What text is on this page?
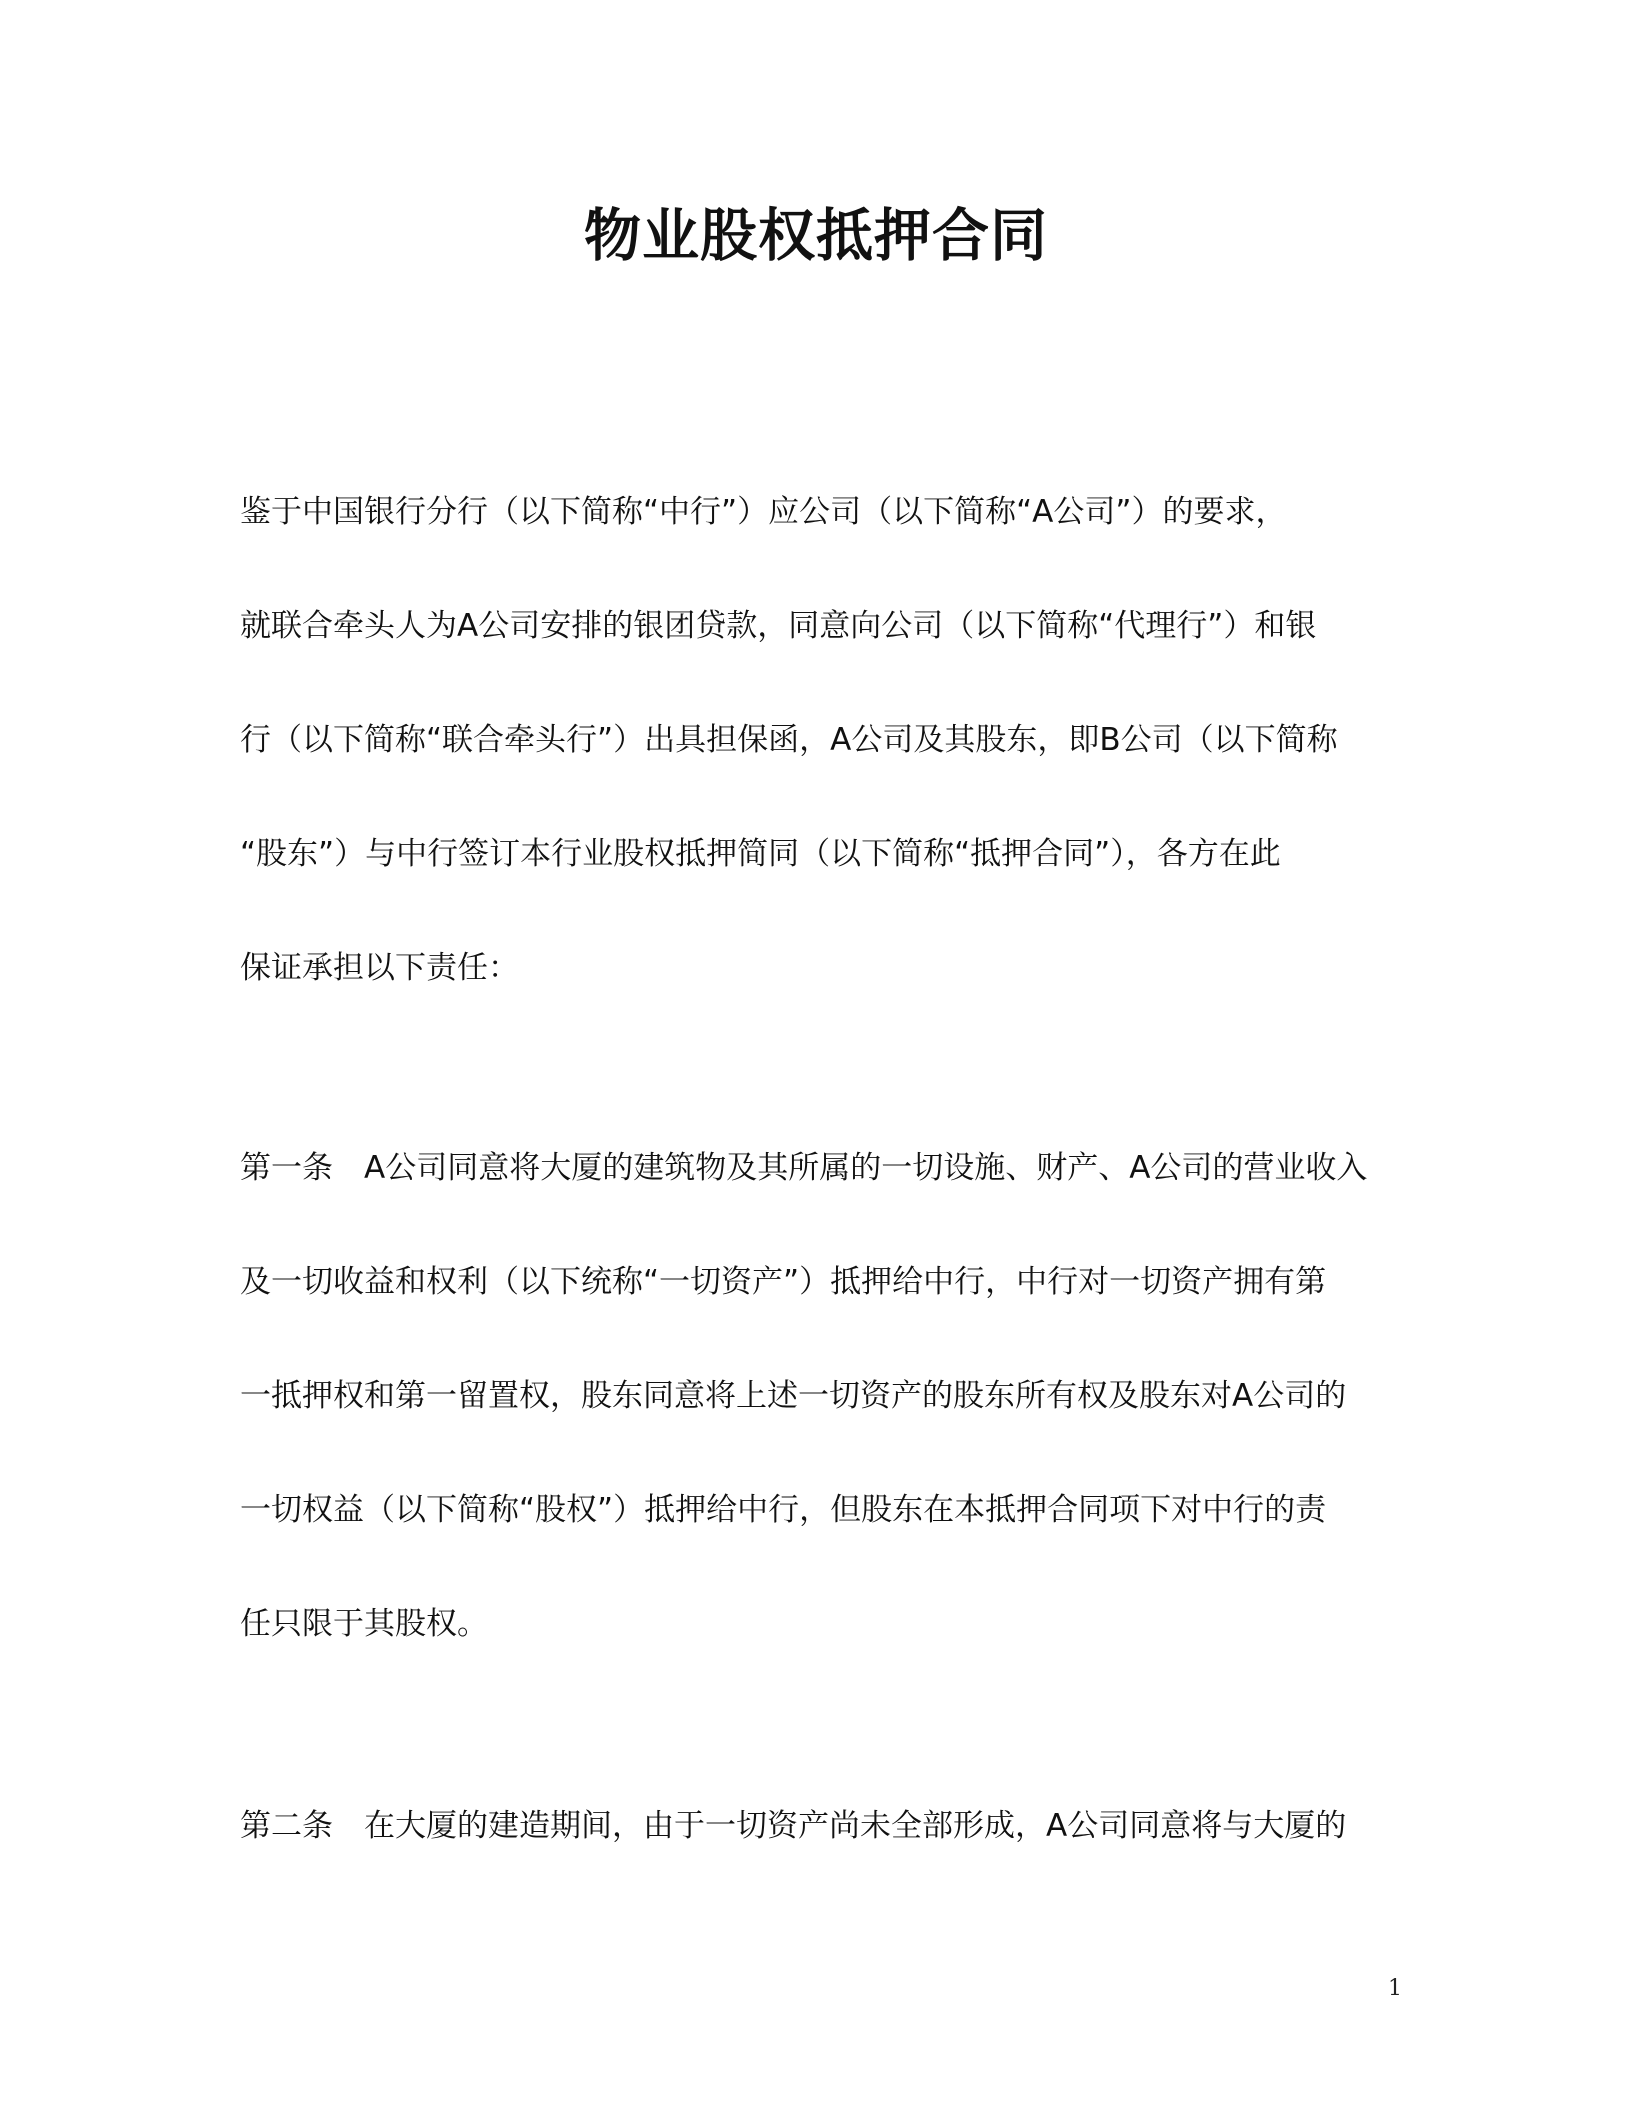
物业股权抵押合同

鉴于中国银行分行（以下简称“中行”）应公司（以下简称“A公司”）的要求，

就联合牵头人为A公司安排的银团贷款，同意向公司（以下简称“代理行”）和银

行（以下简称“联合牵头行”）出具担保函，A公司及其股东，即B公司（以下简称

“股东”）与中行签订本行业股权抵押简同（以下简称“抵押合同”），各方在此

保证承担以下责任：

第一条　A公司同意将大厦的建筑物及其所属的一切设施、财产、A公司的营业收入

及一切收益和权利（以下统称“一切资产”）抵押给中行，中行对一切资产拥有第

一抵押权和第一留置权，股东同意将上述一切资产的股东所有权及股东对A公司的

一切权益（以下简称“股权”）抵押给中行，但股东在本抵押合同项下对中行的责

任只限于其股权。

第二条　在大厦的建造期间，由于一切资产尚未全部形成，A公司同意将与大厦的

1
